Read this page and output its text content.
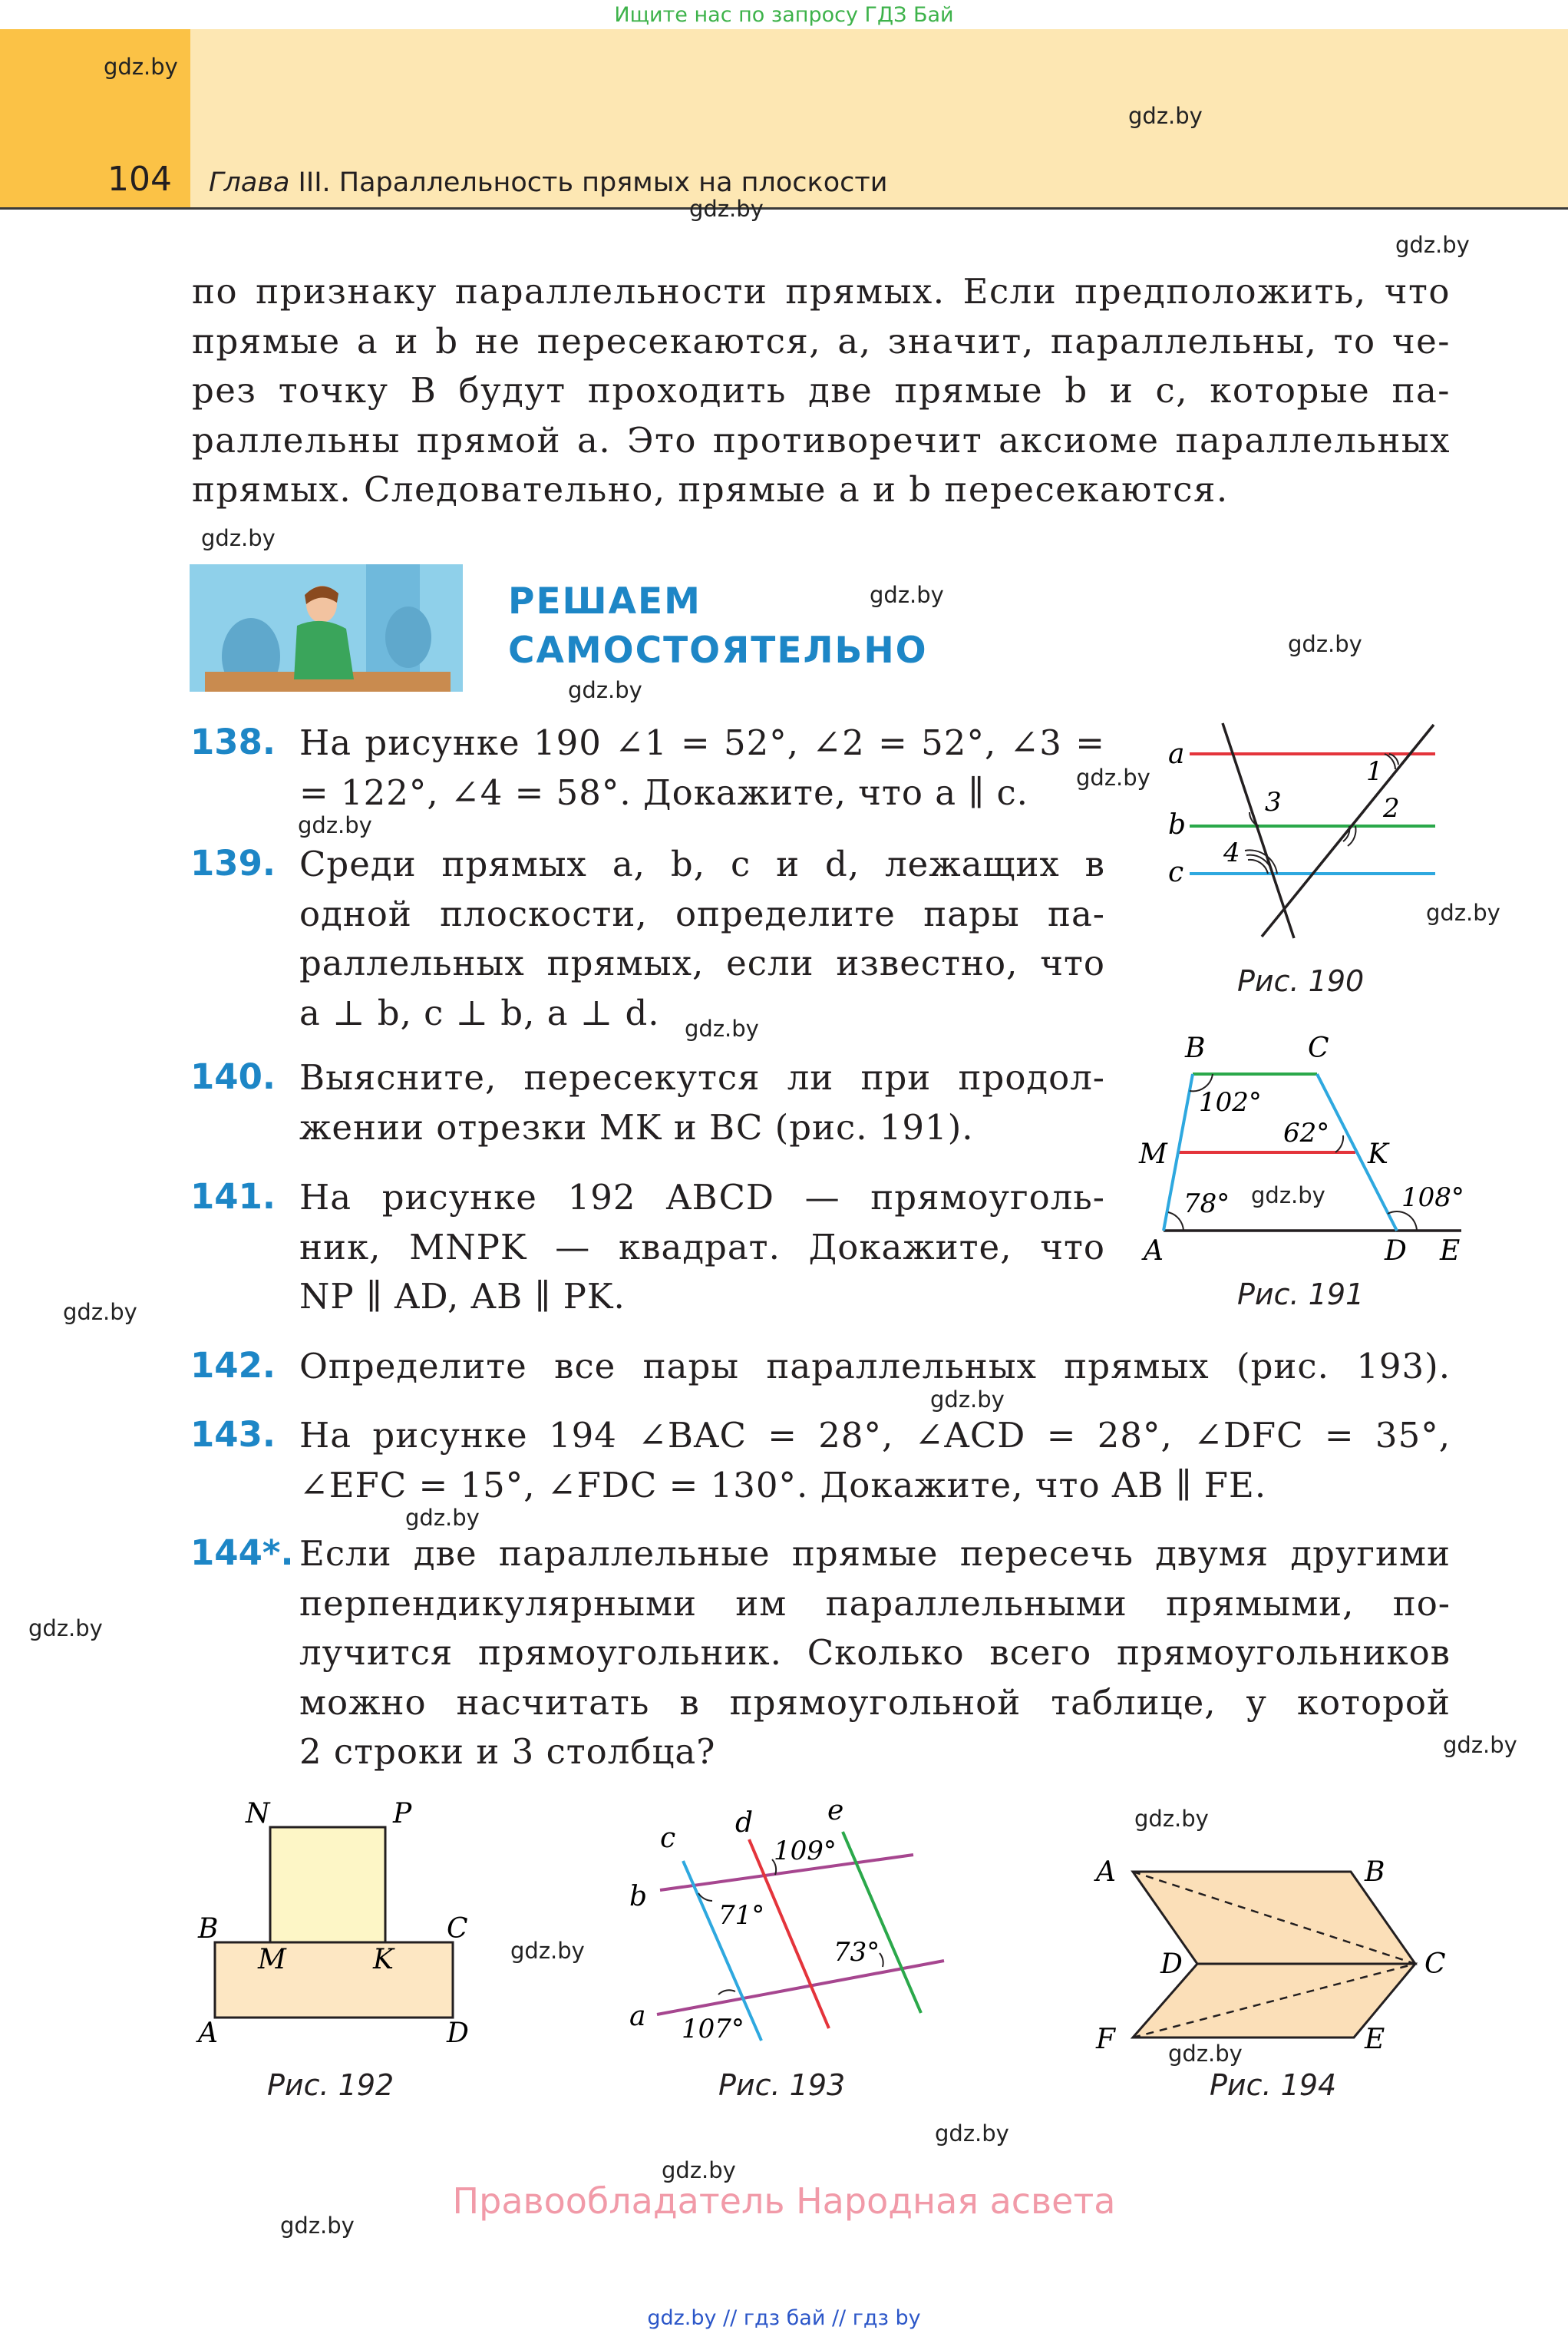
Ищите нас по запросу ГДЗ Бай
104 Глава III. Параллельность прямых на плоскости
gdz.by
gdz.by
gdz.by
gdz.by
gdz.by
gdz.by
gdz.by
gdz.by
gdz.by
gdz.by
gdz.by
gdz.by
gdz.by
gdz.by
gdz.by
gdz.by
gdz.by
gdz.by
gdz.by
gdz.by
gdz.by
gdz.by
gdz.by
gdz.by
по признаку параллельности прямых. Если предположить, что
прямые a и b не пересекаются, а, значит, параллельны, то че-
рез точку B будут проходить две прямые b и c, которые па-
раллельны прямой a. Это противоречит аксиоме параллельных
прямых. Следовательно, прямые a и b пересекаются.
РЕШАЕМ
САМОСТОЯТЕЛЬНО
138. На рисунке 190 ∠1 = 52°, ∠2 = 52°, ∠3 =
= 122°, ∠4 = 58°. Докажите, что a ∥ c.
139. Среди прямых a, b, c и d, лежащих в
одной плоскости, определите пары па-
раллельных прямых, если известно, что
a ⊥ b, c ⊥ b, a ⊥ d.
140. Выясните, пересекутся ли при продол-
жении отрезки MK и BC (рис. 191).
141. На рисунке 192 ABCD — прямоуголь-
ник, MNPK — квадрат. Докажите, что
NP ∥ AD, AB ∥ PK.
142. Определите все пары параллельных прямых (рис. 193).
143. На рисунке 194 ∠BAC = 28°, ∠ACD = 28°, ∠DFC = 35°,
∠EFC = 15°, ∠FDC = 130°. Докажите, что AB ∥ FE.
144*. Если две параллельные прямые пересечь двумя другими
перпендикулярными им параллельными прямыми, по-
лучится прямоугольник. Сколько всего прямоугольников
можно насчитать в прямоугольной таблице, у которой
2 строки и 3 столбца?
a
b
c
1
2
3
4
Рис. 190
B	C
M	K
A	D E
102°
62°
78°	108°
Рис. 191
B	C
A	D
N	P
M	K
Рис. 192
b
a
c d	e
109°
71°
73°
107°
Рис. 193
A	B
C
D
E
F
Рис. 194
Правообладатель Народная асвета
gdz.by // гдз бай // гдз by
